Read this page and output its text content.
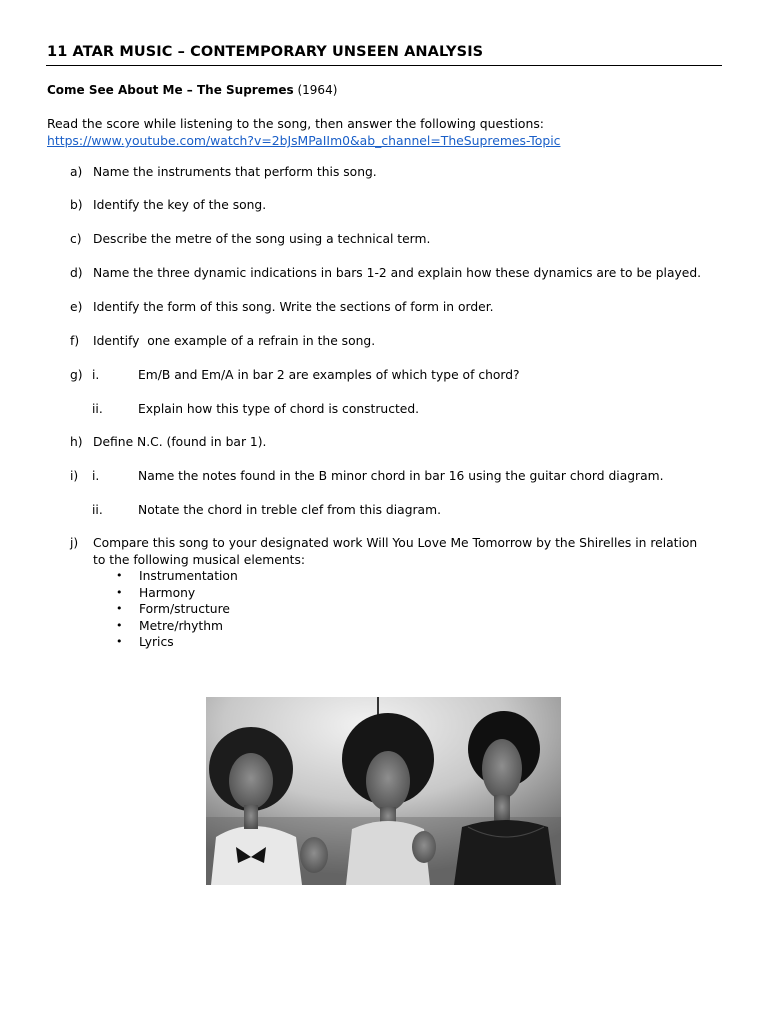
11 ATAR MUSIC – CONTEMPORARY UNSEEN ANALYSIS
Come See About Me – The Supremes (1964)
Read the score while listening to the song, then answer the following questions:
https://www.youtube.com/watch?v=2bJsMPaIIm0&ab_channel=TheSupremes-Topic
a) Name the instruments that perform this song.
b) Identify the key of the song.
c) Describe the metre of the song using a technical term.
d) Name the three dynamic indications in bars 1-2 and explain how these dynamics are to be played.
e) Identify the form of this song. Write the sections of form in order.
f) Identify  one example of a refrain in the song.
g) i.	Em/B and Em/A in bar 2 are examples of which type of chord?
ii.	Explain how this type of chord is constructed.
h) Define N.C. (found in bar 1).
i) i.	Name the notes found in the B minor chord in bar 16 using the guitar chord diagram.
ii.	Notate the chord in treble clef from this diagram.
j) Compare this song to your designated work Will You Love Me Tomorrow by the Shirelles in relation to the following musical elements:
• Instrumentation
• Harmony
• Form/structure
• Metre/rhythm
• Lyrics
